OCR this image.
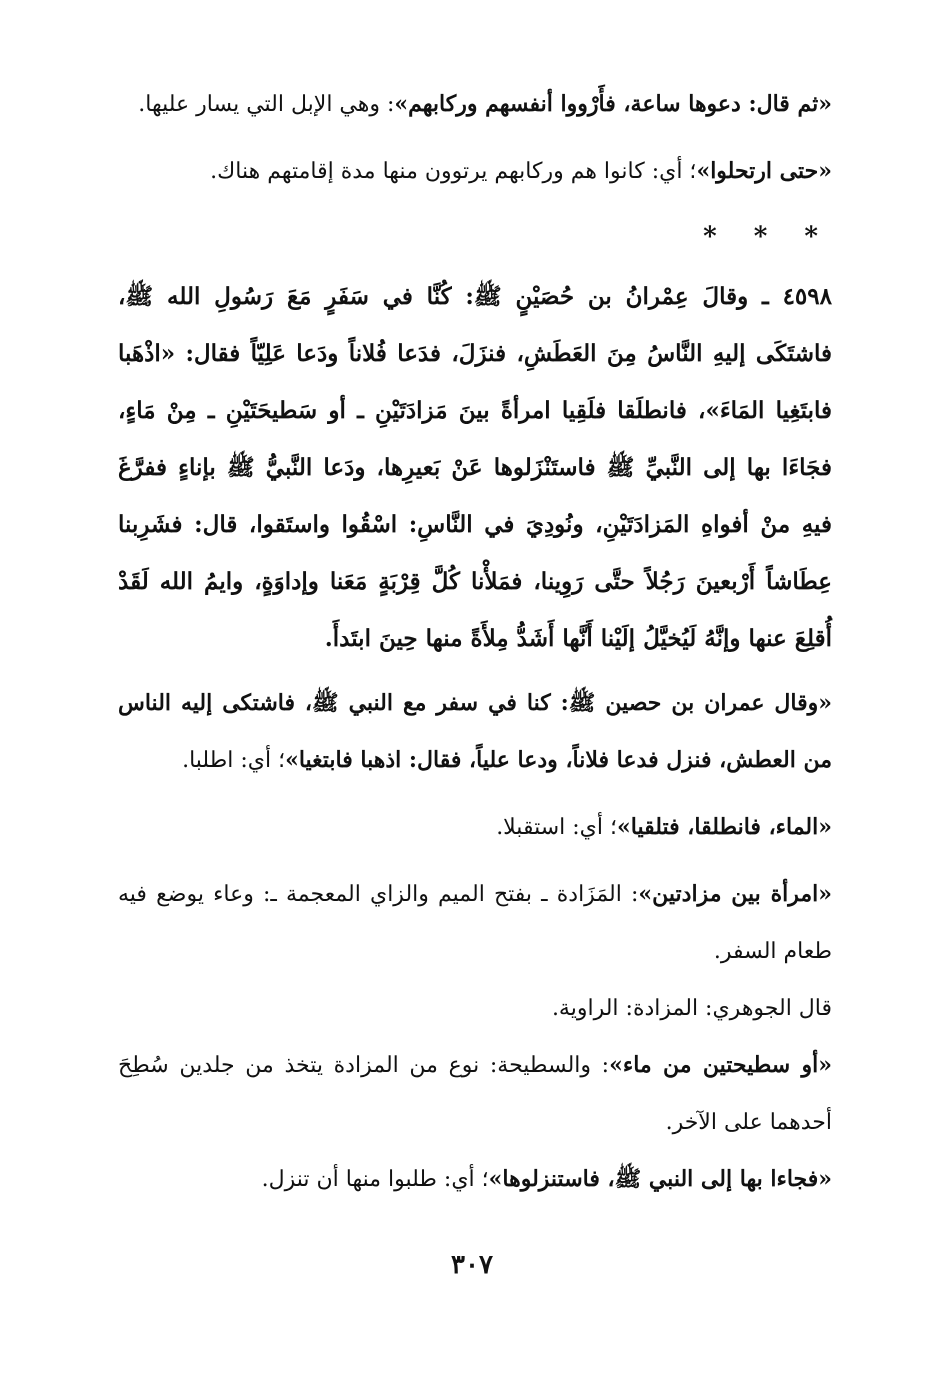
«ثم قال: دعوها ساعة، فأَرْووا أنفسهم وركابهم»: وهي الإبل التي يسار عليها.

«حتى ارتحلوا»؛ أي: كانوا هم وركابهم يرتوون منها مدة إقامتهم هناك.

* * *

٤٥٩٨ ـ وقالَ عِمْرانُ بن حُصَيْنٍ ﷺ: كُنَّا في سَفَرٍ مَعَ رَسُولِ الله ﷺ، فاشتَكَى إليهِ النَّاسُ مِنَ العَطَشِ، فنزَلَ، فدَعا فُلاناً ودَعا عَلِيّاً فقال: «اذْهَبا فابتَغِيا المَاءَ»، فانطلَقا فلَقِيا امرأةً بينَ مَزادَتَيْنِ ـ أو سَطيحَتَيْنِ ـ مِنْ مَاءٍ، فجَاءَا بها إلى النَّبيِّ ﷺ فاستَنْزَلوها عَنْ بَعيرِها، ودَعا النَّبيُّ ﷺ بإناءٍ ففرَّغَ فيهِ منْ أفواهِ المَزادَتَيْنِ، ونُودِيَ في النَّاسِ: اسْقُوا واستَقوا، قال: فشَرِبنا عِطَاشاً أَرْبعينَ رَجُلاً حتَّى رَوِينا، فمَلأْنا كُلَّ قِرْبَةٍ مَعَنا وإداوَةٍ، وايمُ الله لَقَدْ أُقلِعَ عنها وإنَّهُ لَيُخيَّلُ إلَيْنا أَنَّها أَشَدُّ مِلأَةً منها حِينَ ابتَدأَ.

«وقال عمران بن حصين ﷺ: كنا في سفر مع النبي ﷺ، فاشتكى إليه الناس من العطش، فنزل فدعا فلاناً، ودعا علياً، فقال: اذهبا فابتغيا»؛ أي: اطلبا.

«الماء، فانطلقا، فتلقيا»؛ أي: استقبلا.

«امرأة بين مزادتين»: المَزَادة ـ بفتح الميم والزاي المعجمة ـ: وعاء يوضع فيه طعام السفر.

قال الجوهري: المزادة: الراوية.

«أو سطيحتين من ماء»: والسطيحة: نوع من المزادة يتخذ من جلدين سُطِحَ أحدهما على الآخر.

«فجاءا بها إلى النبي ﷺ، فاستنزلوها»؛ أي: طلبوا منها أن تنزل.

٣٠٧
